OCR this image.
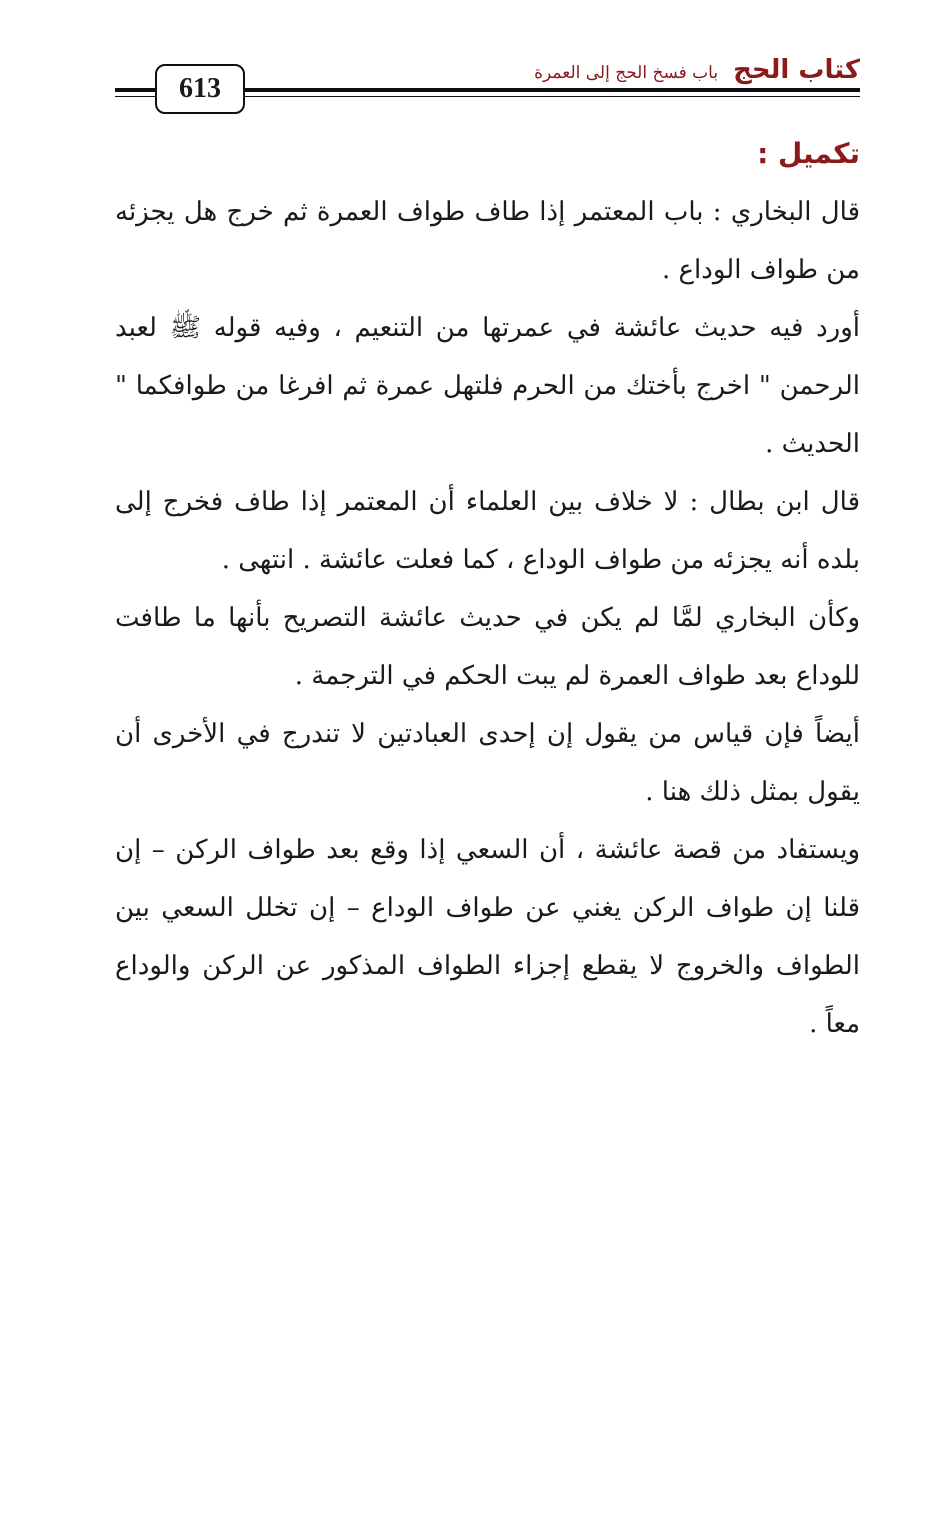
كتاب الحج باب فسخ الحج إلى العمرة
613

تكميل :

قال البخاري : باب المعتمر إذا طاف طواف العمرة ثم خرج هل يجزئه من طواف الوداع .

أورد فيه حديث عائشة في عمرتها من التنعيم ، وفيه قوله ﷺ لعبد الرحمن " اخرج بأختك من الحرم فلتهل عمرة ثم افرغا من طوافكما " الحديث .

قال ابن بطال : لا خلاف بين العلماء أن المعتمر إذا طاف فخرج إلى بلده أنه يجزئه من طواف الوداع ، كما فعلت عائشة . انتهى .

وكأن البخاري لمَّا لم يكن في حديث عائشة التصريح بأنها ما طافت للوداع بعد طواف العمرة لم يبت الحكم في الترجمة .

أيضاً فإن قياس من يقول إن إحدى العبادتين لا تندرج في الأخرى أن يقول بمثل ذلك هنا .

ويستفاد من قصة عائشة ، أن السعي إذا وقع بعد طواف الركن – إن قلنا إن طواف الركن يغني عن طواف الوداع – إن تخلل السعي بين الطواف والخروج لا يقطع إجزاء الطواف المذكور عن الركن والوداع معاً .
